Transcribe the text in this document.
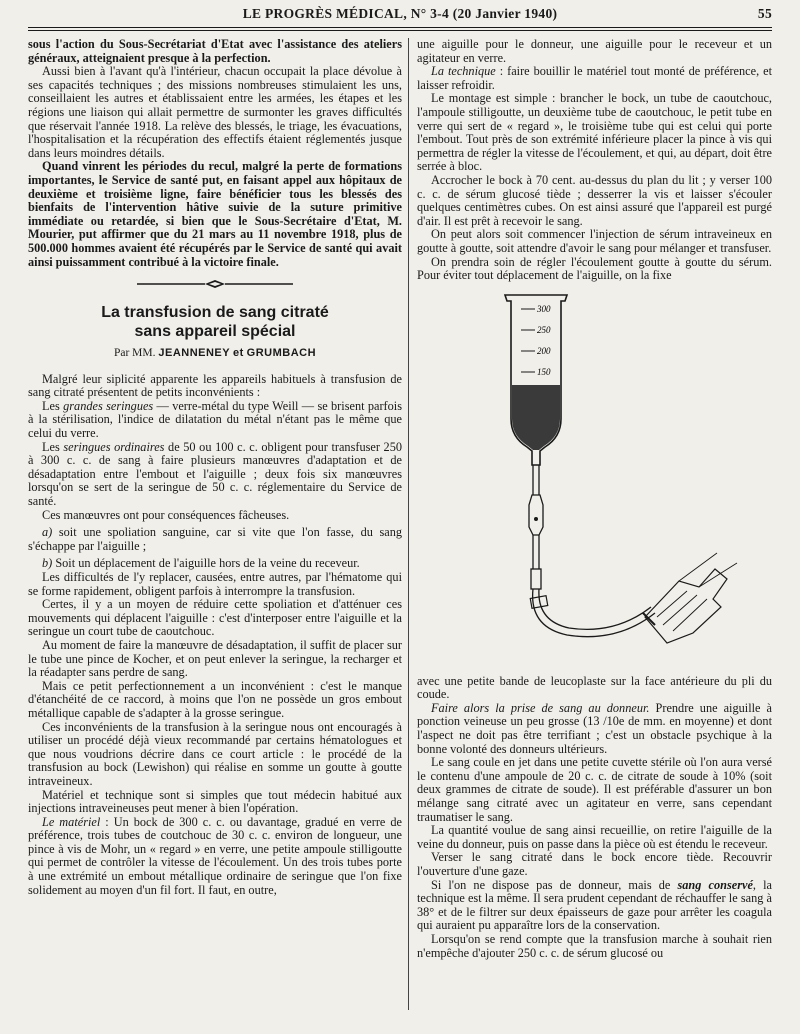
LE PROGRÈS MÉDICAL, N° 3-4 (20 Janvier 1940)	55

sous l'action du Sous-Secrétariat d'Etat avec l'assistance des ateliers généraux, atteignaient presque à la perfection.

Aussi bien à l'avant qu'à l'intérieur, chacun occupait la place dévolue à ses capacités techniques ; des missions nombreuses stimulaient les uns, conseillaient les autres et établissaient entre les armées, les étapes et les régions une liaison qui allait permettre de surmonter les graves difficultés que réservait l'année 1918. La relève des blessés, le triage, les évacuations, l'hospitalisation et la récupération des effectifs étaient réglementés jusque dans leurs moindres détails.

Quand vinrent les périodes du recul, malgré la perte de formations importantes, le Service de santé put, en faisant appel aux hôpitaux de deuxième et troisième ligne, faire bénéficier tous les blessés des bienfaits de l'intervention hâtive suivie de la suture primitive immédiate ou retardée, si bien que le Sous-Secrétaire d'Etat, M. Mourier, put affirmer que du 21 mars au 11 novembre 1918, plus de 500.000 hommes avaient été récupérés par le Service de santé qui avait ainsi puissamment contribué à la victoire finale.

La transfusion de sang citraté
sans appareil spécial
Par MM. JEANNENEY et GRUMBACH

Malgré leur siplicité apparente les appareils habituels à transfusion de sang citraté présentent de petits inconvénients :

Les grandes seringues — verre-métal du type Weill — se brisent parfois à la stérilisation, l'indice de dilatation du métal n'étant pas le même que celui du verre.

Les seringues ordinaires de 50 ou 100 c. c. obligent pour transfuser 250 à 300 c. c. de sang à faire plusieurs manœuvres d'adaptation et de désadaptation entre l'embout et l'aiguille ; deux fois six manœuvres lorsqu'on se sert de la seringue de 50 c. c. réglementaire du Service de santé.

Ces manœuvres ont pour conséquences fâcheuses.

a) soit une spoliation sanguine, car si vite que l'on fasse, du sang s'échappe par l'aiguille ;

b) Soit un déplacement de l'aiguille hors de la veine du receveur.

Les difficultés de l'y replacer, causées, entre autres, par l'hématome qui se forme rapidement, obligent parfois à interrompre la transfusion.

Certes, il y a un moyen de réduire cette spoliation et d'atténuer ces mouvements qui déplacent l'aiguille : c'est d'interposer entre l'aiguille et la seringue un court tube de caoutchouc.

Au moment de faire la manœuvre de désadaptation, il suffit de placer sur le tube une pince de Kocher, et on peut enlever la seringue, la recharger et la réadapter sans perdre de sang.

Mais ce petit perfectionnement a un inconvénient : c'est le manque d'étanchéité de ce raccord, à moins que l'on ne possède un gros embout métallique capable de s'adapter à la grosse seringue.

Ces inconvénients de la transfusion à la seringue nous ont encouragés à utiliser un procédé déjà vieux recommandé par certains hématologues et que nous voudrions décrire dans ce court article : le procédé de la transfusion au bock (Lewishon) qui réalise en somme un goutte à goutte intraveineux.

Matériel et technique sont si simples que tout médecin habitué aux injections intraveineuses peut mener à bien l'opération.

Le matériel : Un bock de 300 c. c. ou davantage, gradué en verre de préférence, trois tubes de coutchouc de 30 c. c. environ de longueur, une pince à vis de Mohr, un « regard » en verre, une petite ampoule stilligoutte qui permet de contrôler la vitesse de l'écoulement. Un des trois tubes porte à une extrémité un embout métallique ordinaire de seringue que l'on fixe solidement au moyen d'un fil fort. Il faut, en outre,

une aiguille pour le donneur, une aiguille pour le receveur et un agitateur en verre.

La technique : faire bouillir le matériel tout monté de préférence, et laisser refroidir.

Le montage est simple : brancher le bock, un tube de caoutchouc, l'ampoule stilligoutte, un deuxième tube de caoutchouc, le petit tube en verre qui sert de « regard », le troisième tube qui est celui qui porte l'embout. Tout près de son extrémité inférieure placer la pince à vis qui permettra de régler la vitesse de l'écoulement, et qui, au départ, doit être serrée à bloc.

Accrocher le bock à 70 cent. au-dessus du plan du lit ; y verser 100 c. c. de sérum glucosé tiède ; desserrer la vis et laisser s'écouler quelques centimètres cubes. On est ainsi assuré que l'appareil est purgé d'air. Il est prêt à recevoir le sang.

On peut alors soit commencer l'injection de sérum intraveineux en goutte à goutte, soit attendre d'avoir le sang pour mélanger et transfuser.

On prendra soin de régler l'écoulement goutte à goutte du sérum. Pour éviter tout déplacement de l'aiguille, on la fixe

300
250
200
150

avec une petite bande de leucoplaste sur la face antérieure du pli du coude.

Faire alors la prise de sang au donneur. Prendre une aiguille à ponction veineuse un peu grosse (13 /10e de mm. en moyenne) et dont l'aspect ne doit pas être terrifiant ; c'est un obstacle psychique à la bonne volonté des donneurs ultérieurs.

Le sang coule en jet dans une petite cuvette stérile où l'on aura versé le contenu d'une ampoule de 20 c. c. de citrate de soude à 10% (soit deux grammes de citrate de soude). Il est préférable d'assurer un bon mélange sang citraté avec un agitateur en verre, sans cependant traumatiser le sang.

La quantité voulue de sang ainsi recueillie, on retire l'aiguille de la veine du donneur, puis on passe dans la pièce où est étendu le receveur.

Verser le sang citraté dans le bock encore tiède. Recouvrir l'ouverture d'une gaze.

Si l'on ne dispose pas de donneur, mais de sang conservé, la technique est la même. Il sera prudent cependant de réchauffer le sang à 38° et de le filtrer sur deux épaisseurs de gaze pour arrêter les coagula qui auraient pu apparaître lors de la conservation.

Lorsqu'on se rend compte que la transfusion marche à souhait rien n'empêche d'ajouter 250 c. c. de sérum glucosé ou
